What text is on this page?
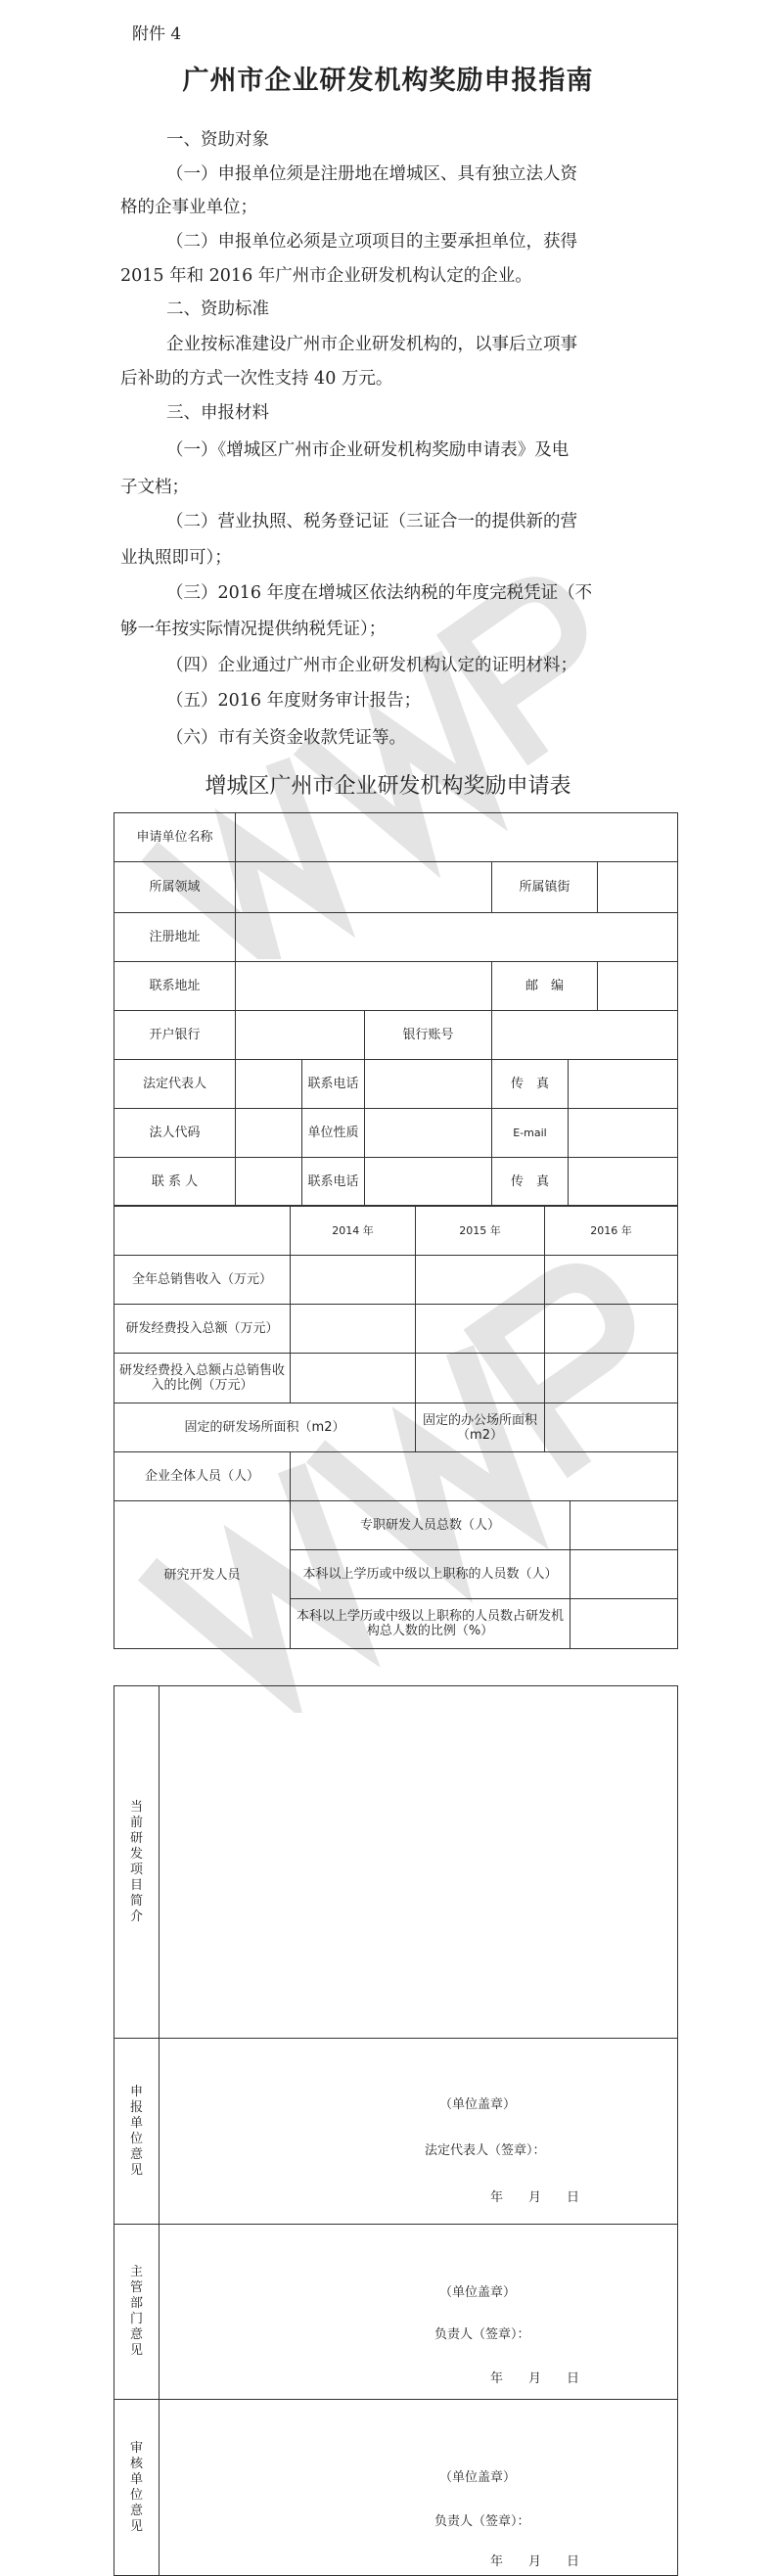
附件 4
广州市企业研发机构奖励申报指南
一、资助对象
（一）申报单位须是注册地在增城区、具有独立法人资
格的企事业单位；
（二）申报单位必须是立项项目的主要承担单位，获得
2015 年和 2016 年广州市企业研发机构认定的企业。
二、资助标准
企业按标准建设广州市企业研发机构的，以事后立项事
后补助的方式一次性支持 40 万元。
三、申报材料
（一）《增城区广州市企业研发机构奖励申请表》及电
子文档；
（二）营业执照、税务登记证（三证合一的提供新的营
业执照即可）；
（三）2016 年度在增城区依法纳税的年度完税凭证（不
够一年按实际情况提供纳税凭证）；
（四）企业通过广州市企业研发机构认定的证明材料；
（五）2016 年度财务审计报告；
（六）市有关资金收款凭证等。
增城区广州市企业研发机构奖励申请表
申请单位名称						
所属领域				所属镇街		
注册地址						
联系地址				邮　编		
开户银行			银行账号			
法定代表人		联系电话		传　真		
法人代码		单位性质		E-mail		
联 系 人		联系电话		传　真		
	2014 年	2015 年	2016 年
全年总销售收入（万元）			
研发经费投入总额（万元）			
研发经费投入总额占总销售收入的比例（万元）			
固定的研发场所面积（m2）		固定的办公场所面积（m2）	
企业全体人员（人）			
研究开发人员	专职研发人员总数（人）	
	本科以上学历或中级以上职称的人员数（人）	
	本科以上学历或中级以上职称的人员数占研发机构总人数的比例（%）	
当前研发项目简介	
申报单位意见	（单位盖章）
法定代表人（签章）：
年　　月　　日

主管部门意见	（单位盖章）
负责人（签章）：
年　　月　　日

审核单位意见	（单位盖章）
负责人（签章）：
年　　月　　日
